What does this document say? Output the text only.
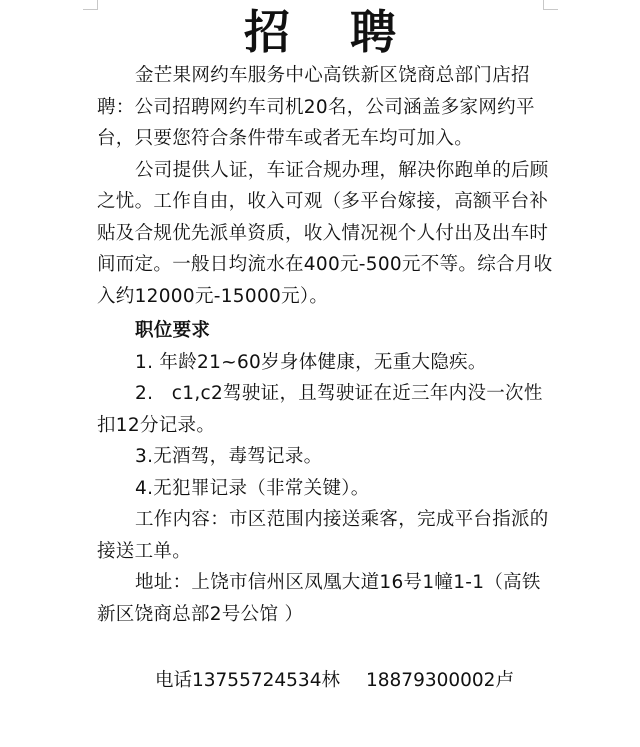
招 聘

金芒果网约车服务中心高铁新区饶商总部门店招聘：公司招聘网约车司机20名，公司涵盖多家网约平台，只要您符合条件带车或者无车均可加入。

公司提供人证，车证合规办理，解决你跑单的后顾之忧。工作自由，收入可观（多平台嫁接，高额平台补贴及合规优先派单资质，收入情况视个人付出及出车时间而定。一般日均流水在400元-500元不等。综合月收入约12000元-15000元）。

职位要求

1. 年龄21~60岁身体健康，无重大隐疾。

2.   c1,c2驾驶证，且驾驶证在近三年内没一次性扣12分记录。

3.无酒驾，毒驾记录。

4.无犯罪记录（非常关键）。

工作内容：市区范围内接送乘客，完成平台指派的接送工单。

地址：上饶市信州区凤凰大道16号1幢1-1（高铁新区饶商总部2号公馆 ）

电话13755724534林 18879300002卢
